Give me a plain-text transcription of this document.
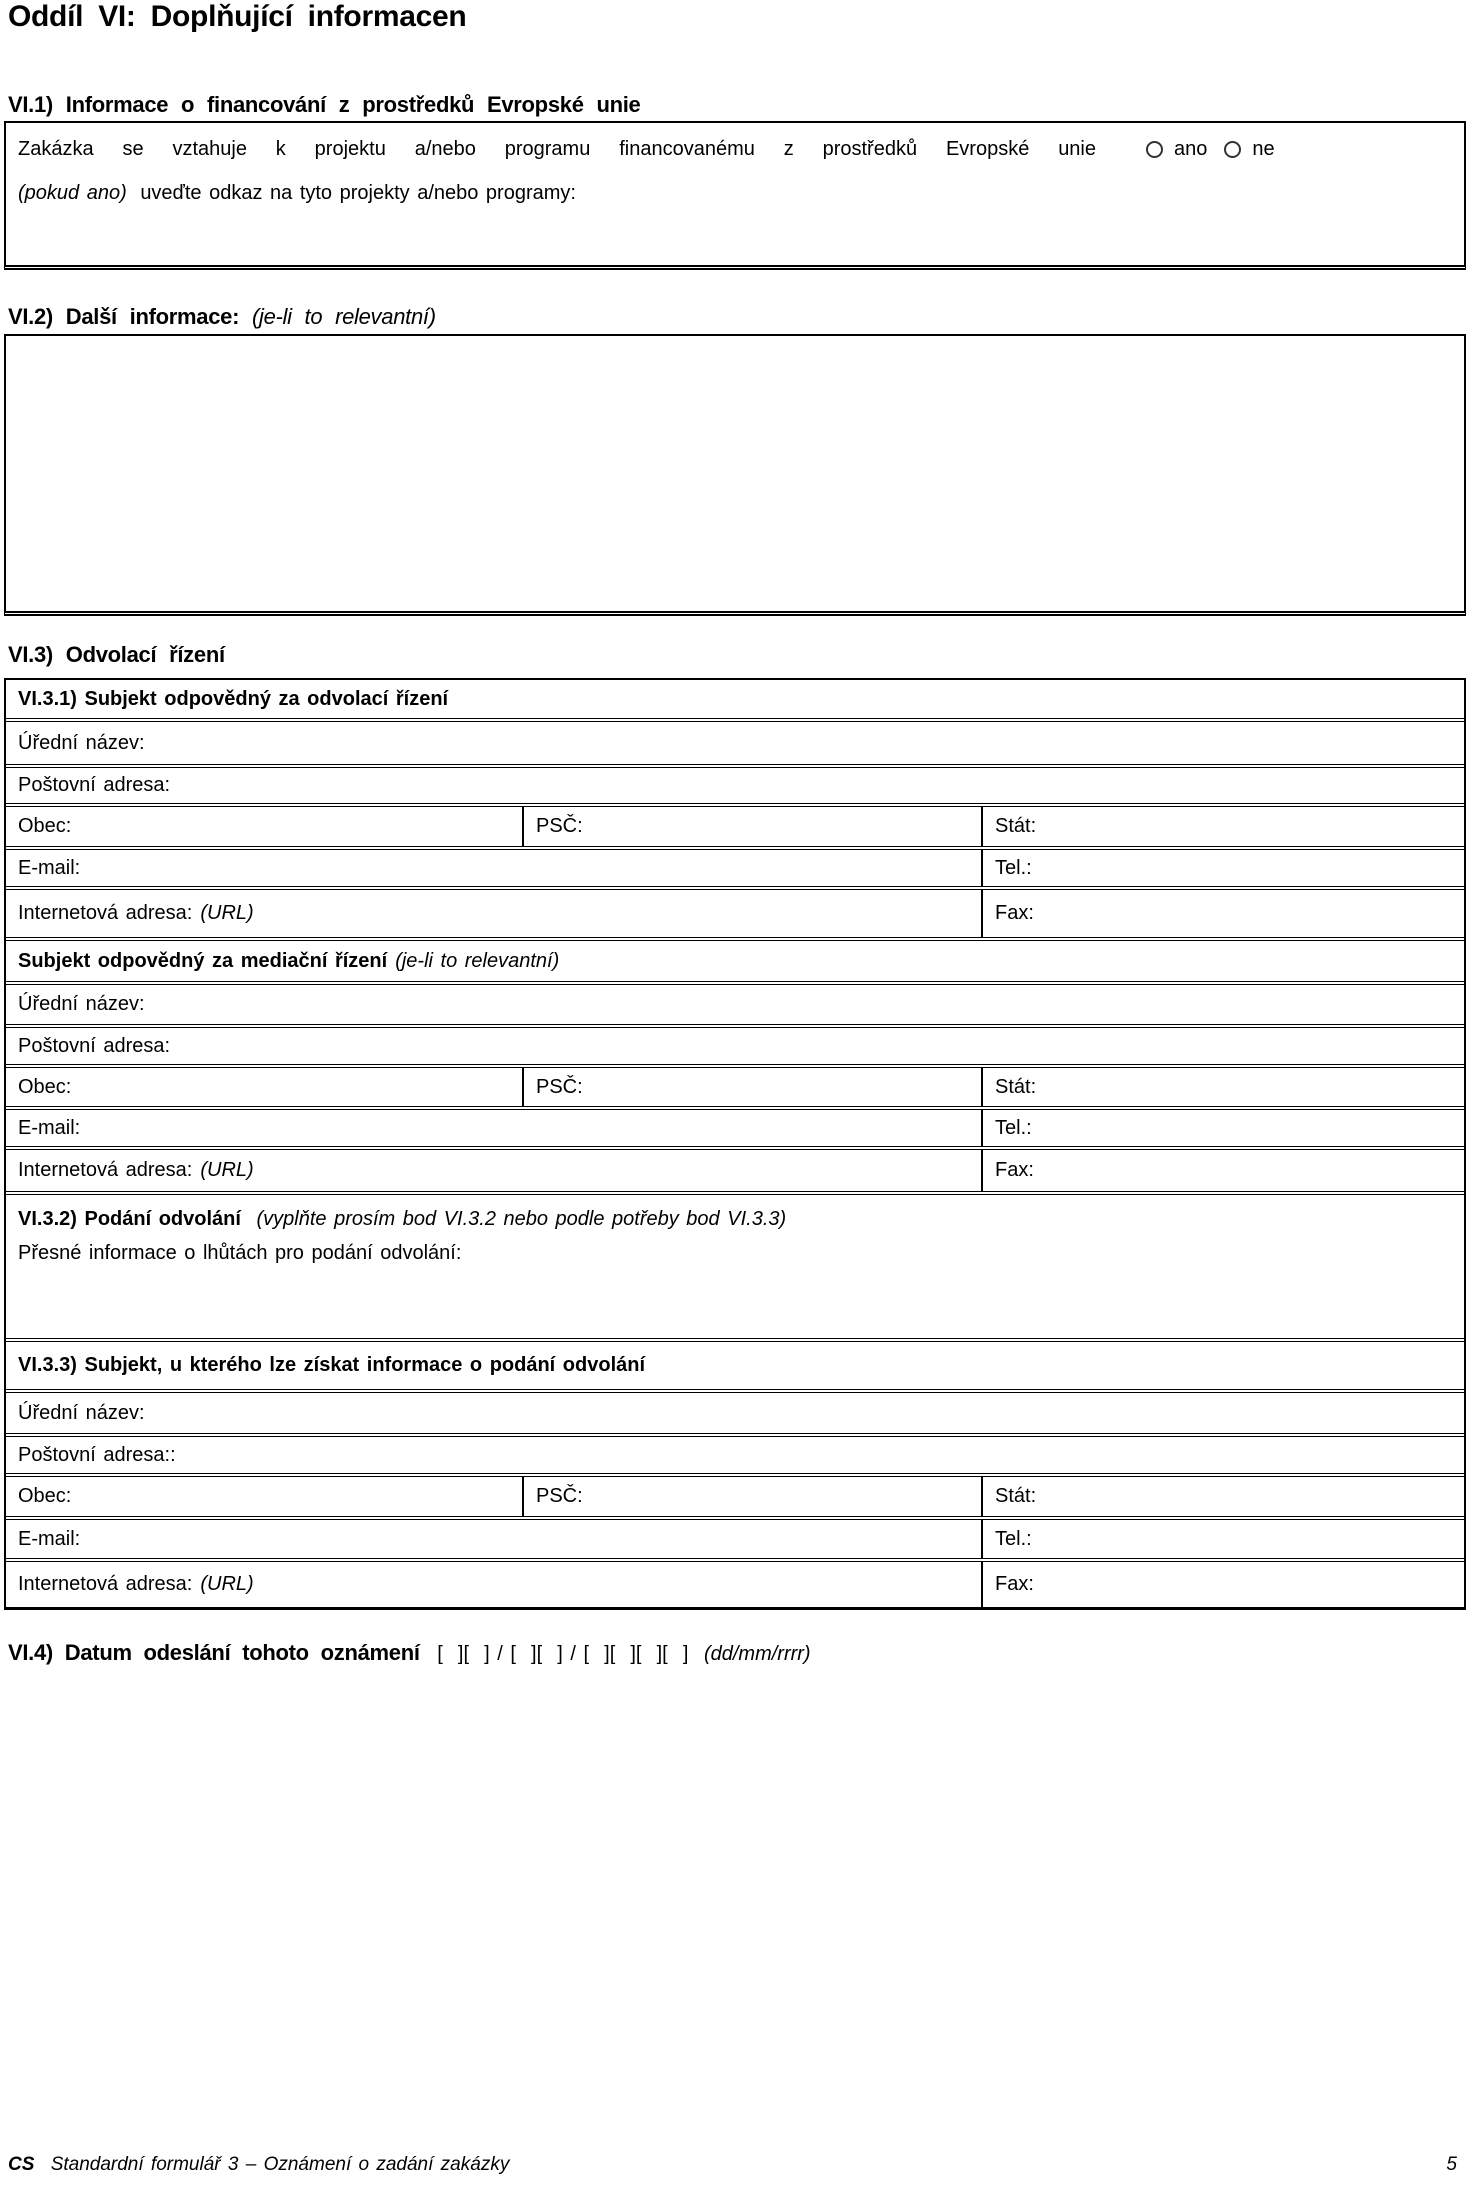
Oddíl VI: Doplňující informacen
VI.1) Informace o financování z prostředků Evropské unie
Zakázka se vztahuje k projektu a/nebo programu financovanému z prostředků Evropské unie	ano ne
(pokud ano) uveďte odkaz na tyto projekty a/nebo programy:
VI.2) Další informace: (je-li to relevantní)
VI.3) Odvolací řízení
VI.3.1) Subjekt odpovědný za odvolací řízení
Úřední název:
Poštovní adresa:
Obec:	PSČ:	Stát:
E-mail:	Tel.:
Internetová adresa: (URL)	Fax:
Subjekt odpovědný za mediační řízení (je-li to relevantní)
Úřední název:
Poštovní adresa:
Obec:	PSČ:	Stát:
E-mail:	Tel.:
Internetová adresa: (URL)	Fax:
VI.3.2) Podání odvolání (vyplňte prosím bod VI.3.2 nebo podle potřeby bod VI.3.3)
Přesné informace o lhůtách pro podání odvolání:
VI.3.3) Subjekt, u kterého lze získat informace o podání odvolání
Úřední název:
Poštovní adresa::
Obec:	PSČ:	Stát:
E-mail:	Tel.:
Internetová adresa: (URL)	Fax:
VI.4) Datum odeslání tohoto oznámení [  ][  ] / [  ][  ] / [  ][  ][  ][  ] (dd/mm/rrrr)
CS Standardní formulář 3 – Oznámení o zadání zakázky	5
